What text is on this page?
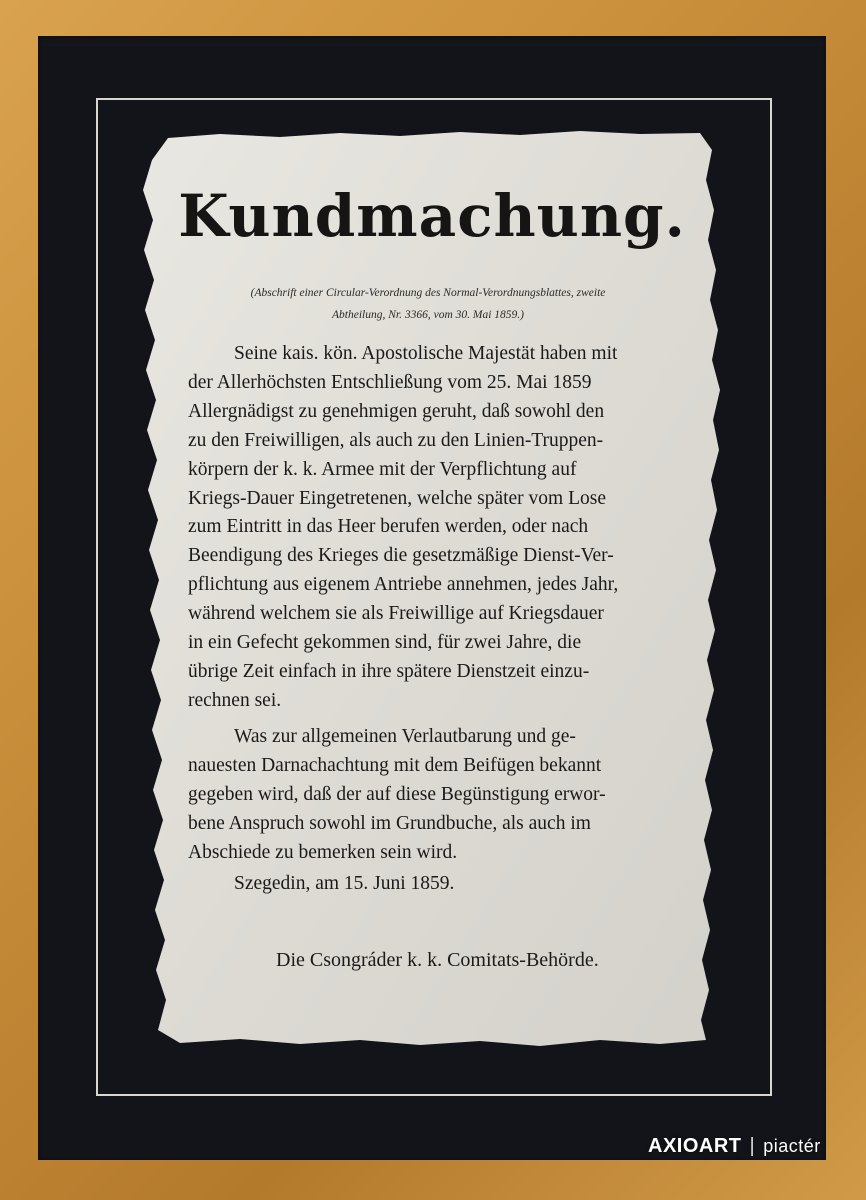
Kundmachung.
(Abschrift einer Circular-Verordnung des Normal-Verordnungsblattes, zweite
Abtheilung, Nr. 3366, vom 30. Mai 1859.)
Seine kais. kön. Apostolische Majestät haben mit
der Allerhöchsten Entschließung vom 25. Mai 1859
Allergnädigst zu genehmigen geruht, daß sowohl den
zu den Freiwilligen, als auch zu den Linien-Truppen-
körpern der k. k. Armee mit der Verpflichtung auf
Kriegs-Dauer Eingetretenen, welche später vom Lose
zum Eintritt in das Heer berufen werden, oder nach
Beendigung des Krieges die gesetzmäßige Dienst-Ver-
pflichtung aus eigenem Antriebe annehmen, jedes Jahr,
während welchem sie als Freiwillige auf Kriegsdauer
in ein Gefecht gekommen sind, für zwei Jahre, die
übrige Zeit einfach in ihre spätere Dienstzeit einzu-
rechnen sei.
Was zur allgemeinen Verlautbarung und ge-
nauesten Darnachachtung mit dem Beifügen bekannt
gegeben wird, daß der auf diese Begünstigung erwor-
bene Anspruch sowohl im Grundbuche, als auch im
Abschiede zu bemerken sein wird.
Szegedin, am 15. Juni 1859.
Die Csongráder k. k. Comitats-Behörde.
AXIOART | piactér
